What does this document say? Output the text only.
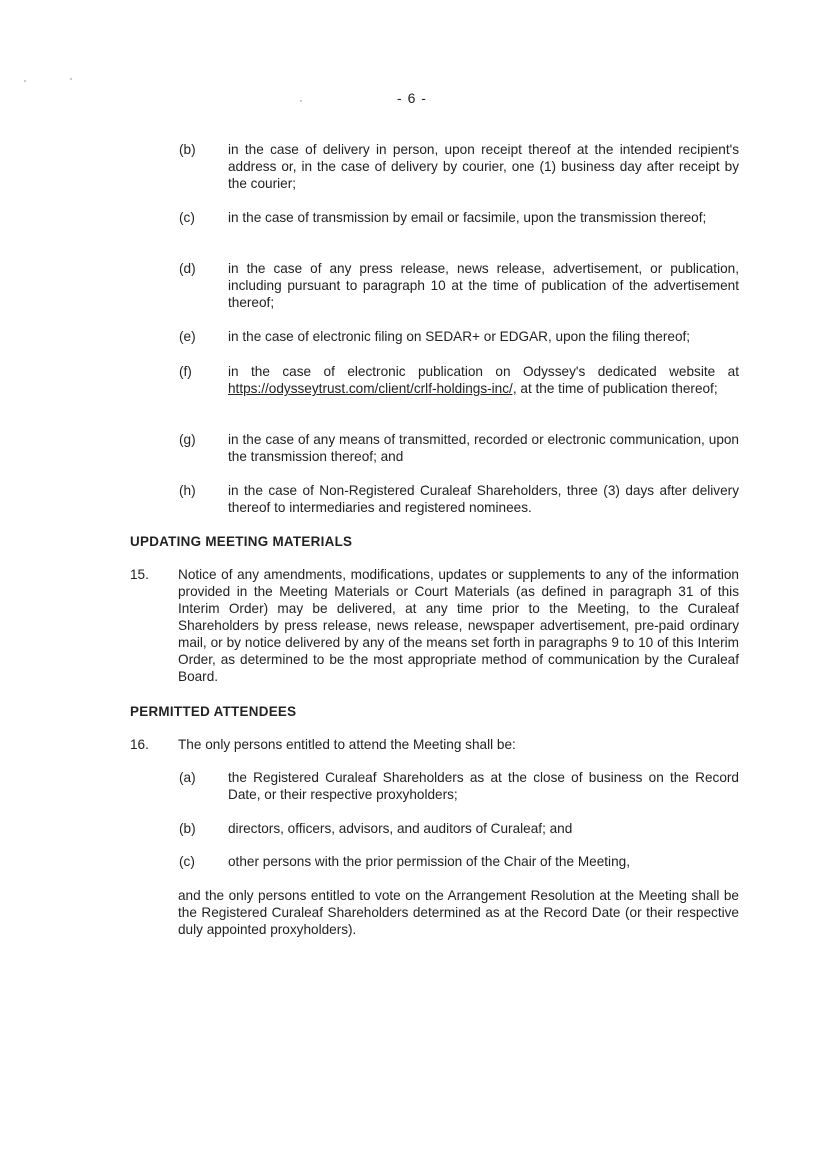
- 6 -
(b) in the case of delivery in person, upon receipt thereof at the intended recipient's address or, in the case of delivery by courier, one (1) business day after receipt by the courier;
(c) in the case of transmission by email or facsimile, upon the transmission thereof;
(d) in the case of any press release, news release, advertisement, or publication, including pursuant to paragraph 10 at the time of publication of the advertisement thereof;
(e) in the case of electronic filing on SEDAR+ or EDGAR, upon the filing thereof;
(f)	in the case of electronic publication on Odyssey's dedicated website at https://odysseytrust.com/client/crlf-holdings-inc/, at the time of publication thereof;
(g) in the case of any means of transmitted, recorded or electronic communication, upon the transmission thereof; and
(h) in the case of Non-Registered Curaleaf Shareholders, three (3) days after delivery thereof to intermediaries and registered nominees.
UPDATING MEETING MATERIALS
15. Notice of any amendments, modifications, updates or supplements to any of the information provided in the Meeting Materials or Court Materials (as defined in paragraph 31 of this Interim Order) may be delivered, at any time prior to the Meeting, to the Curaleaf Shareholders by press release, news release, newspaper advertisement, pre-paid ordinary mail, or by notice delivered by any of the means set forth in paragraphs 9 to 10 of this Interim Order, as determined to be the most appropriate method of communication by the Curaleaf Board.
PERMITTED ATTENDEES
16. The only persons entitled to attend the Meeting shall be:
(a) the Registered Curaleaf Shareholders as at the close of business on the Record Date, or their respective proxyholders;
(b) directors, officers, advisors, and auditors of Curaleaf; and
(c) other persons with the prior permission of the Chair of the Meeting,
and the only persons entitled to vote on the Arrangement Resolution at the Meeting shall be the Registered Curaleaf Shareholders determined as at the Record Date (or their respective duly appointed proxyholders).
